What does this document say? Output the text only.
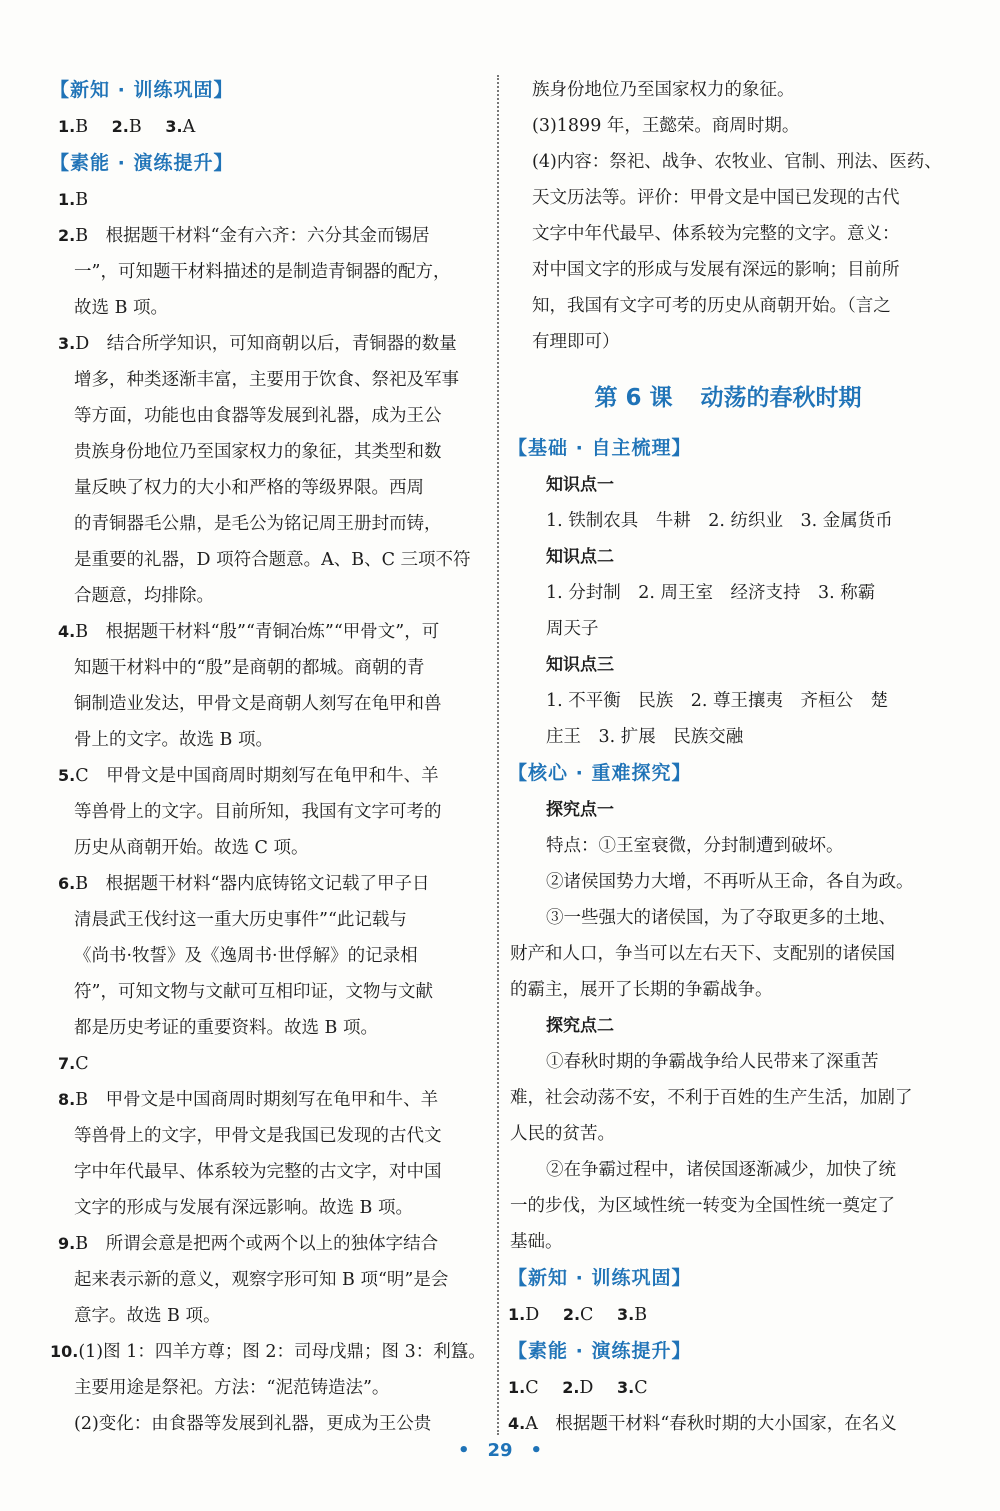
【新知 · 训练巩固】
1.B 2.B 3.A
【素能 · 演练提升】

1.B

2.B　根据题干材料“金有六齐：六分其金而锡居

一”，可知题干材料描述的是制造青铜器的配方，

故选 B 项。

3.D　结合所学知识，可知商朝以后，青铜器的数量

增多，种类逐渐丰富，主要用于饮食、祭祀及军事

等方面，功能也由食器等发展到礼器，成为王公

贵族身份地位乃至国家权力的象征，其类型和数

量反映了权力的大小和严格的等级界限。西周

的青铜器毛公鼎，是毛公为铭记周王册封而铸，

是重要的礼器，D 项符合题意。A、B、C 三项不符

合题意，均排除。

4.B　根据题干材料“殷”“青铜冶炼”“甲骨文”，可

知题干材料中的“殷”是商朝的都城。商朝的青

铜制造业发达，甲骨文是商朝人刻写在龟甲和兽

骨上的文字。故选 B 项。

5.C　甲骨文是中国商周时期刻写在龟甲和牛、羊

等兽骨上的文字。目前所知，我国有文字可考的

历史从商朝开始。故选 C 项。

6.B　根据题干材料“器内底铸铭文记载了甲子日

清晨武王伐纣这一重大历史事件”“此记载与

《尚书·牧誓》及《逸周书·世俘解》的记录相

符”，可知文物与文献可互相印证，文物与文献

都是历史考证的重要资料。故选 B 项。

7.C

8.B　甲骨文是中国商周时期刻写在龟甲和牛、羊

等兽骨上的文字，甲骨文是我国已发现的古代文

字中年代最早、体系较为完整的古文字，对中国

文字的形成与发展有深远影响。故选 B 项。

9.B　所谓会意是把两个或两个以上的独体字结合

起来表示新的意义，观察字形可知 B 项“明”是会

意字。故选 B 项。

10.(1)图 1：四羊方尊；图 2：司母戊鼎；图 3：利簋。

主要用途是祭祀。方法：“泥范铸造法”。

(2)变化：由食器等发展到礼器，更成为王公贵

族身份地位乃至国家权力的象征。

(3)1899 年，王懿荣。商周时期。

(4)内容：祭祀、战争、农牧业、官制、刑法、医药、

天文历法等。评价：甲骨文是中国已发现的古代

文字中年代最早、体系较为完整的文字。意义：

对中国文字的形成与发展有深远的影响；目前所

知，我国有文字可考的历史从商朝开始。（言之

有理即可）

第 6 课 动荡的春秋时期
【基础 · 自主梳理】
知识点一
1. 铁制农具　牛耕　2. 纺织业　3. 金属货币
知识点二
1. 分封制　2. 周王室　经济支持　3. 称霸
周天子
知识点三
1. 不平衡　民族　2. 尊王攘夷　齐桓公　楚
庄王　3. 扩展　民族交融
【核心 · 重难探究】
探究点一
特点：①王室衰微，分封制遭到破坏。
②诸侯国势力大增，不再听从王命，各自为政。
③一些强大的诸侯国，为了夺取更多的土地、
财产和人口，争当可以左右天下、支配别的诸侯国
的霸主，展开了长期的争霸战争。
探究点二
①春秋时期的争霸战争给人民带来了深重苦
难，社会动荡不安，不利于百姓的生产生活，加剧了
人民的贫苦。
②在争霸过程中，诸侯国逐渐减少，加快了统
一的步伐，为区域性统一转变为全国性统一奠定了
基础。
【新知 · 训练巩固】
1.D 2.C 3.B
【素能 · 演练提升】
1.C 2.D 3.C
4.A　根据题干材料“春秋时期的大小国家，在名义
• 29 •
